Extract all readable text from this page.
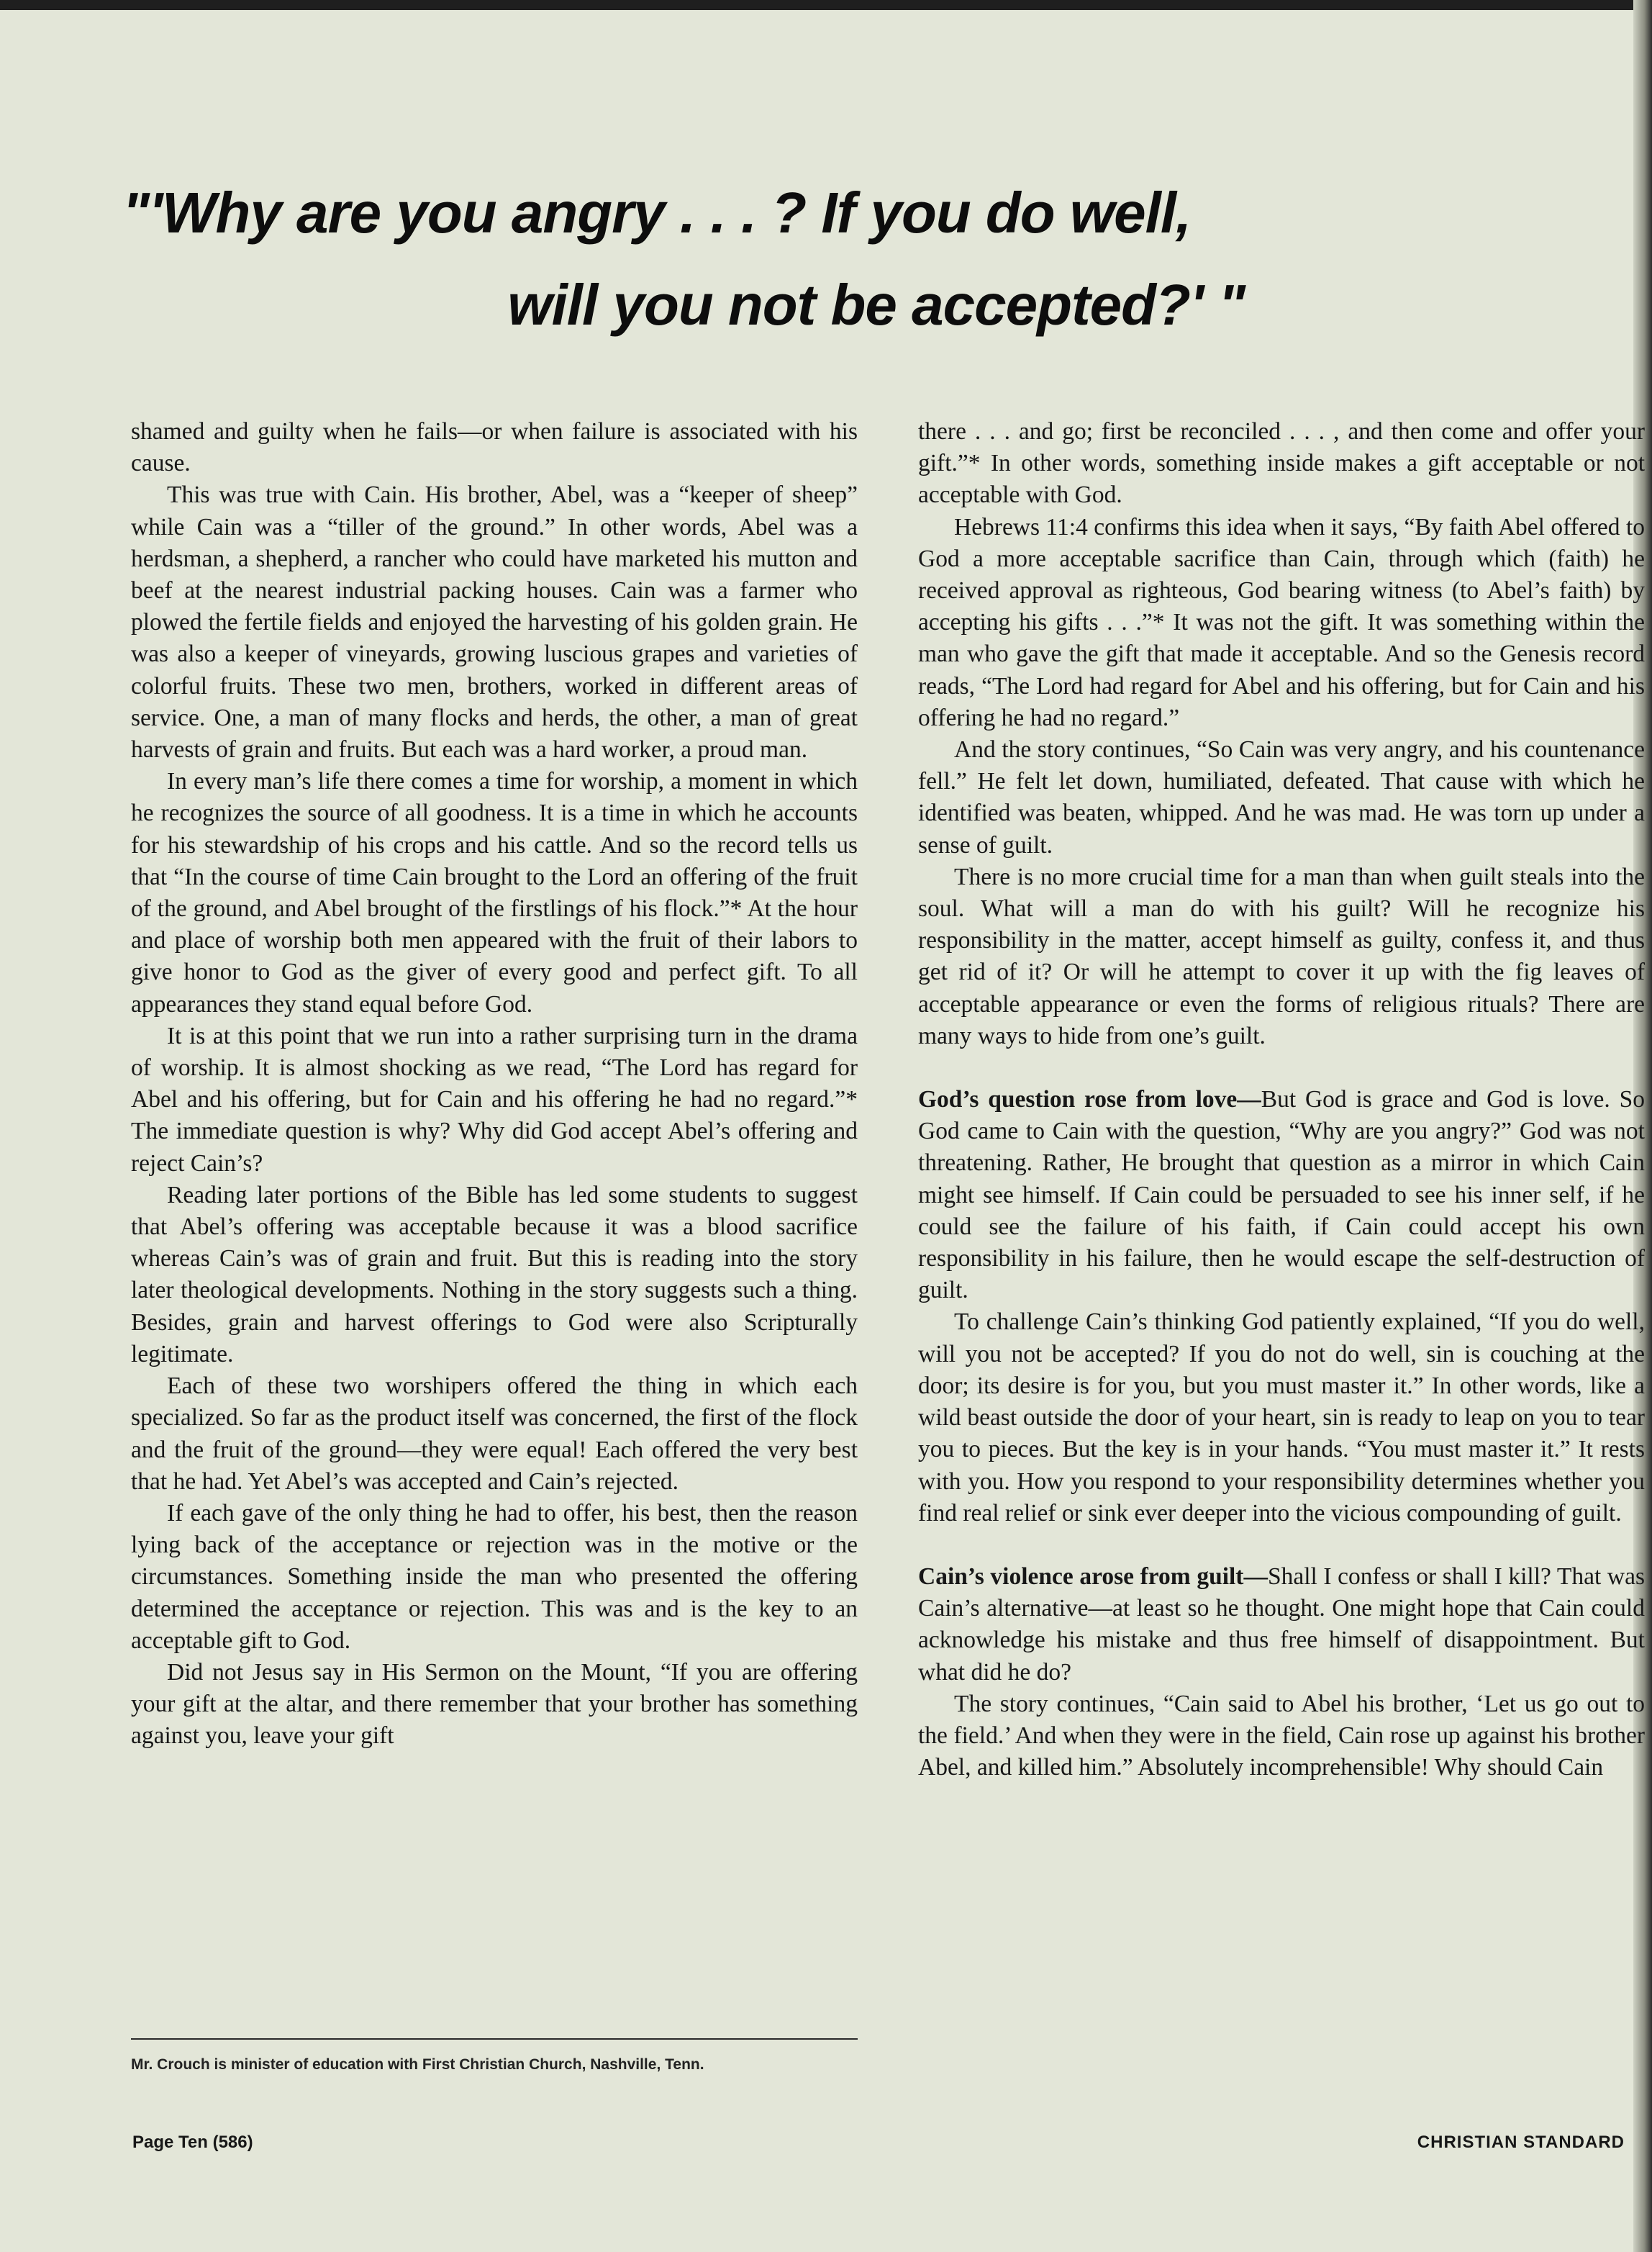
"'Why are you angry . . . ? If you do well,
will you not be accepted?' "

shamed and guilty when he fails—or when failure is associated with his cause.

This was true with Cain. His brother, Abel, was a “keeper of sheep” while Cain was a “tiller of the ground.” In other words, Abel was a herdsman, a shepherd, a rancher who could have marketed his mutton and beef at the nearest industrial packing houses. Cain was a farmer who plowed the fertile fields and enjoyed the harvesting of his golden grain. He was also a keeper of vineyards, growing luscious grapes and varieties of colorful fruits. These two men, brothers, worked in different areas of service. One, a man of many flocks and herds, the other, a man of great harvests of grain and fruits. But each was a hard worker, a proud man.

In every man’s life there comes a time for worship, a moment in which he recognizes the source of all goodness. It is a time in which he accounts for his stewardship of his crops and his cattle. And so the record tells us that “In the course of time Cain brought to the Lord an offering of the fruit of the ground, and Abel brought of the firstlings of his flock.”* At the hour and place of worship both men appeared with the fruit of their labors to give honor to God as the giver of every good and perfect gift. To all appearances they stand equal before God.

It is at this point that we run into a rather surprising turn in the drama of worship. It is almost shocking as we read, “The Lord has regard for Abel and his offering, but for Cain and his offering he had no regard.”* The immediate question is why? Why did God accept Abel’s offering and reject Cain’s?

Reading later portions of the Bible has led some students to suggest that Abel’s offering was acceptable because it was a blood sacrifice whereas Cain’s was of grain and fruit. But this is reading into the story later theological developments. Nothing in the story suggests such a thing. Besides, grain and harvest offerings to God were also Scripturally legitimate.

Each of these two worshipers offered the thing in which each specialized. So far as the product itself was concerned, the first of the flock and the fruit of the ground—they were equal! Each offered the very best that he had. Yet Abel’s was accepted and Cain’s rejected.

If each gave of the only thing he had to offer, his best, then the reason lying back of the acceptance or rejection was in the motive or the circumstances. Something inside the man who presented the offering determined the acceptance or rejection. This was and is the key to an acceptable gift to God.

Did not Jesus say in His Sermon on the Mount, “If you are offering your gift at the altar, and there remember that your brother has something against you, leave your gift

Mr. Crouch is minister of education with First Christian Church, Nashville, Tenn.

there . . . and go; first be reconciled . . . , and then come and offer your gift.”* In other words, something inside makes a gift acceptable or not acceptable with God.

Hebrews 11:4 confirms this idea when it says, “By faith Abel offered to God a more acceptable sacrifice than Cain, through which (faith) he received approval as righteous, God bearing witness (to Abel’s faith) by accepting his gifts . . .”* It was not the gift. It was something within the man who gave the gift that made it acceptable. And so the Genesis record reads, “The Lord had regard for Abel and his offering, but for Cain and his offering he had no regard.”

And the story continues, “So Cain was very angry, and his countenance fell.” He felt let down, humiliated, defeated. That cause with which he identified was beaten, whipped. And he was mad. He was torn up under a sense of guilt.

There is no more crucial time for a man than when guilt steals into the soul. What will a man do with his guilt? Will he recognize his responsibility in the matter, accept himself as guilty, confess it, and thus get rid of it? Or will he attempt to cover it up with the fig leaves of acceptable appearance or even the forms of religious rituals? There are many ways to hide from one’s guilt.

God’s question rose from love—But God is grace and God is love. So God came to Cain with the question, “Why are you angry?” God was not threatening. Rather, He brought that question as a mirror in which Cain might see himself. If Cain could be persuaded to see his inner self, if he could see the failure of his faith, if Cain could accept his own responsibility in his failure, then he would escape the self-destruction of guilt.

To challenge Cain’s thinking God patiently explained, “If you do well, will you not be accepted? If you do not do well, sin is couching at the door; its desire is for you, but you must master it.” In other words, like a wild beast outside the door of your heart, sin is ready to leap on you to tear you to pieces. But the key is in your hands. “You must master it.” It rests with you. How you respond to your responsibility determines whether you find real relief or sink ever deeper into the vicious compounding of guilt.

Cain’s violence arose from guilt—Shall I confess or shall I kill? That was Cain’s alternative—at least so he thought. One might hope that Cain could acknowledge his mistake and thus free himself of disappointment. But what did he do?

The story continues, “Cain said to Abel his brother, ‘Let us go out to the field.’ And when they were in the field, Cain rose up against his brother Abel, and killed him.” Absolutely incomprehensible! Why should Cain

Page Ten (586)	CHRISTIAN STANDARD
